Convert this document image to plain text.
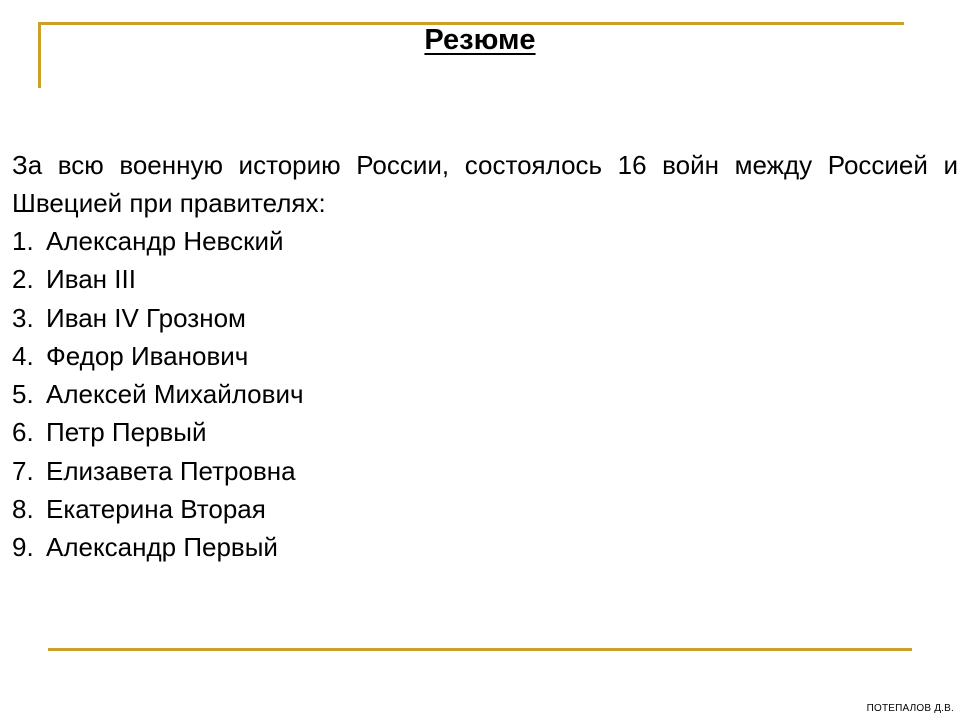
Резюме

За всю военную историю России, состоялось 16 войн между Россией и Швецией при правителях:

1. Александр Невский
2. Иван III
3. Иван IV Грозном
4. Федор Иванович
5. Алексей Михайлович
6. Петр Первый
7. Елизавета Петровна
8. Екатерина Вторая
9. Александр Первый
ПОТЕПАЛОВ Д.В.
